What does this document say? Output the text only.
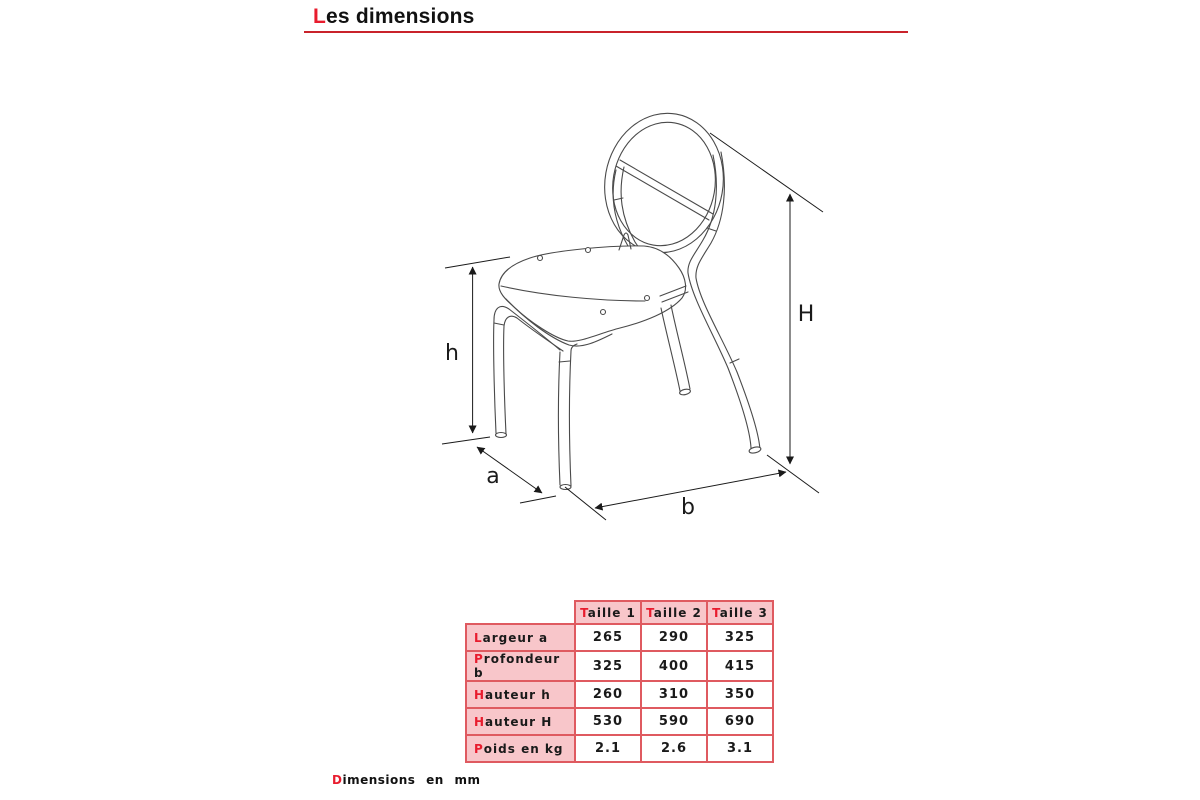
Les dimensions
h
a
b
H
	Taille 1	Taille 2	Taille 3
Largeur a	265	290	325
Profondeur b	325	400	415
Hauteur h	260	310	350
Hauteur H	530	590	690
Poids en kg	2.1	2.6	3.1
Dimensions en mm
